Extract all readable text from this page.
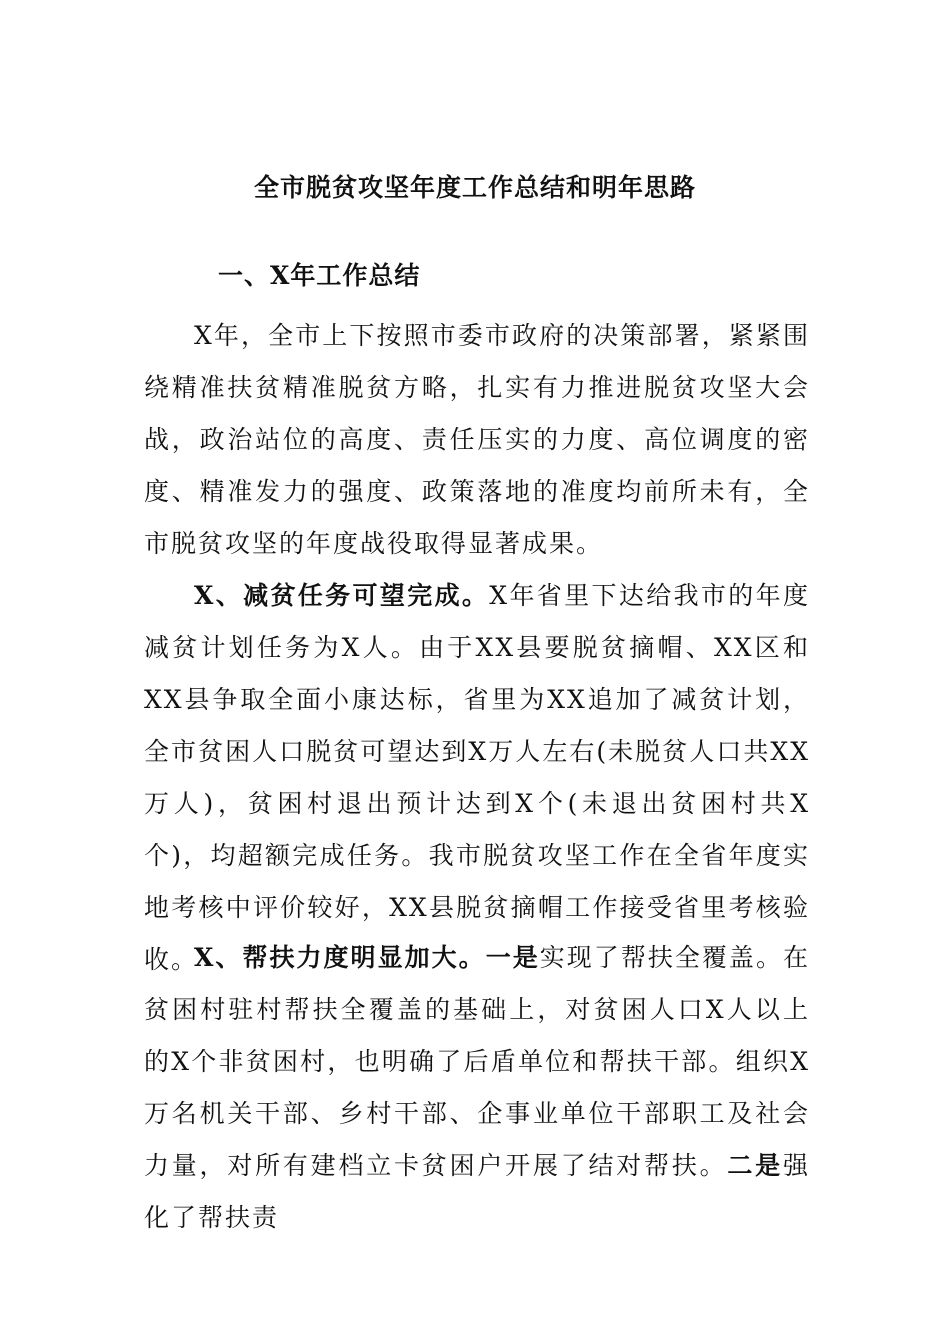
全市脱贫攻坚年度工作总结和明年思路
一、X年工作总结

X年，全市上下按照市委市政府的决策部署，紧紧围绕精准扶贫精准脱贫方略，扎实有力推进脱贫攻坚大会战，政治站位的高度、责任压实的力度、高位调度的密度、精准发力的强度、政策落地的准度均前所未有，全市脱贫攻坚的年度战役取得显著成果。

X、减贫任务可望完成。X年省里下达给我市的年度减贫计划任务为X人。由于XX县要脱贫摘帽、XX区和XX县争取全面小康达标，省里为XX追加了减贫计划，全市贫困人口脱贫可望达到X万人左右(未脱贫人口共XX万人)，贫困村退出预计达到X个(未退出贫困村共X个)，均超额完成任务。我市脱贫攻坚工作在全省年度实地考核中评价较好，XX县脱贫摘帽工作接受省里考核验收。

X、帮扶力度明显加大。一是实现了帮扶全覆盖。在贫困村驻村帮扶全覆盖的基础上，对贫困人口X人以上的X个非贫困村，也明确了后盾单位和帮扶干部。组织X万名机关干部、乡村干部、企事业单位干部职工及社会力量，对所有建档立卡贫困户开展了结对帮扶。二是强化了帮扶责
